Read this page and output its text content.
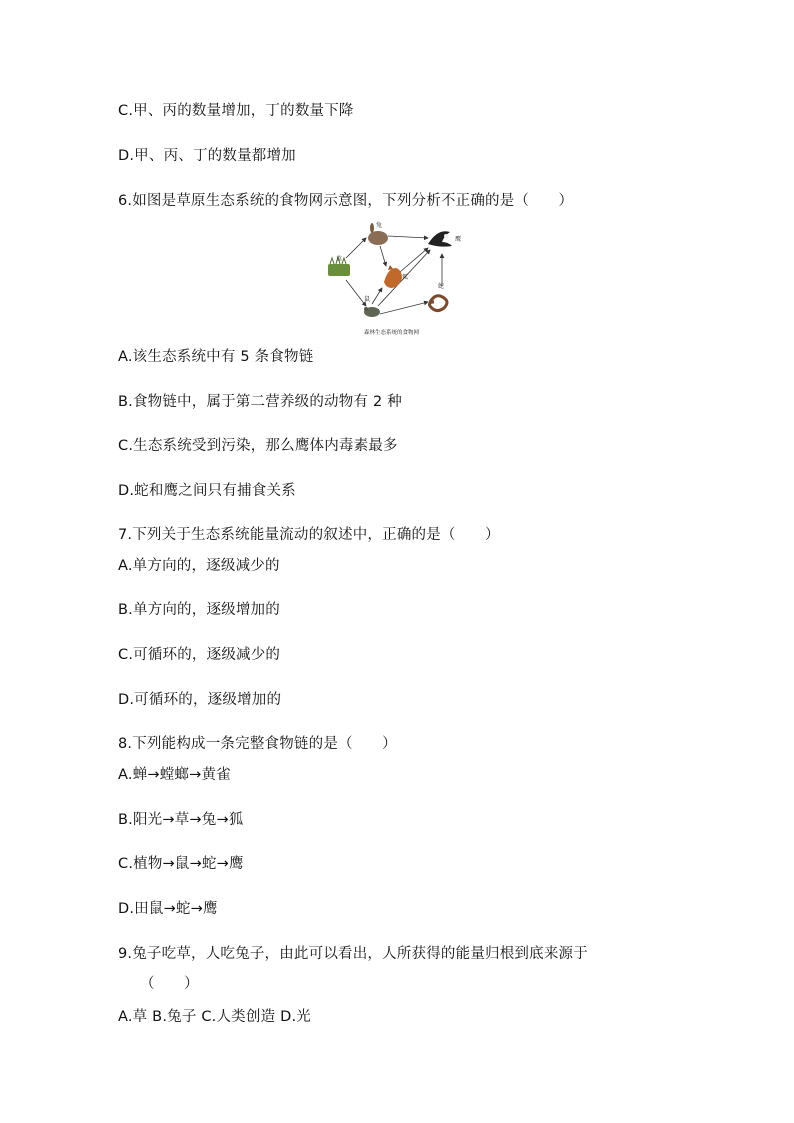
C.甲、丙的数量增加，丁的数量下降
D.甲、丙、丁的数量都增加
6.如图是草原生态系统的食物网示意图，下列分析不正确的是（　　）
草
兔
鹰
狐
鼠
蛇
森林生态系统的食物网
A.该生态系统中有 5 条食物链
B.食物链中，属于第二营养级的动物有 2 种
C.生态系统受到污染，那么鹰体内毒素最多
D.蛇和鹰之间只有捕食关系
7.下列关于生态系统能量流动的叙述中，正确的是（　　）
A.单方向的，逐级减少的
B.单方向的，逐级增加的
C.可循环的，逐级减少的
D.可循环的，逐级增加的
8.下列能构成一条完整食物链的是（　　）
A.蝉→螳螂→黄雀
B.阳光→草→兔→狐
C.植物→鼠→蛇→鹰
D.田鼠→蛇→鹰
9.兔子吃草，人吃兔子，由此可以看出，人所获得的能量归根到底来源于
（　　）
A.草 B.兔子 C.人类创造 D.光
